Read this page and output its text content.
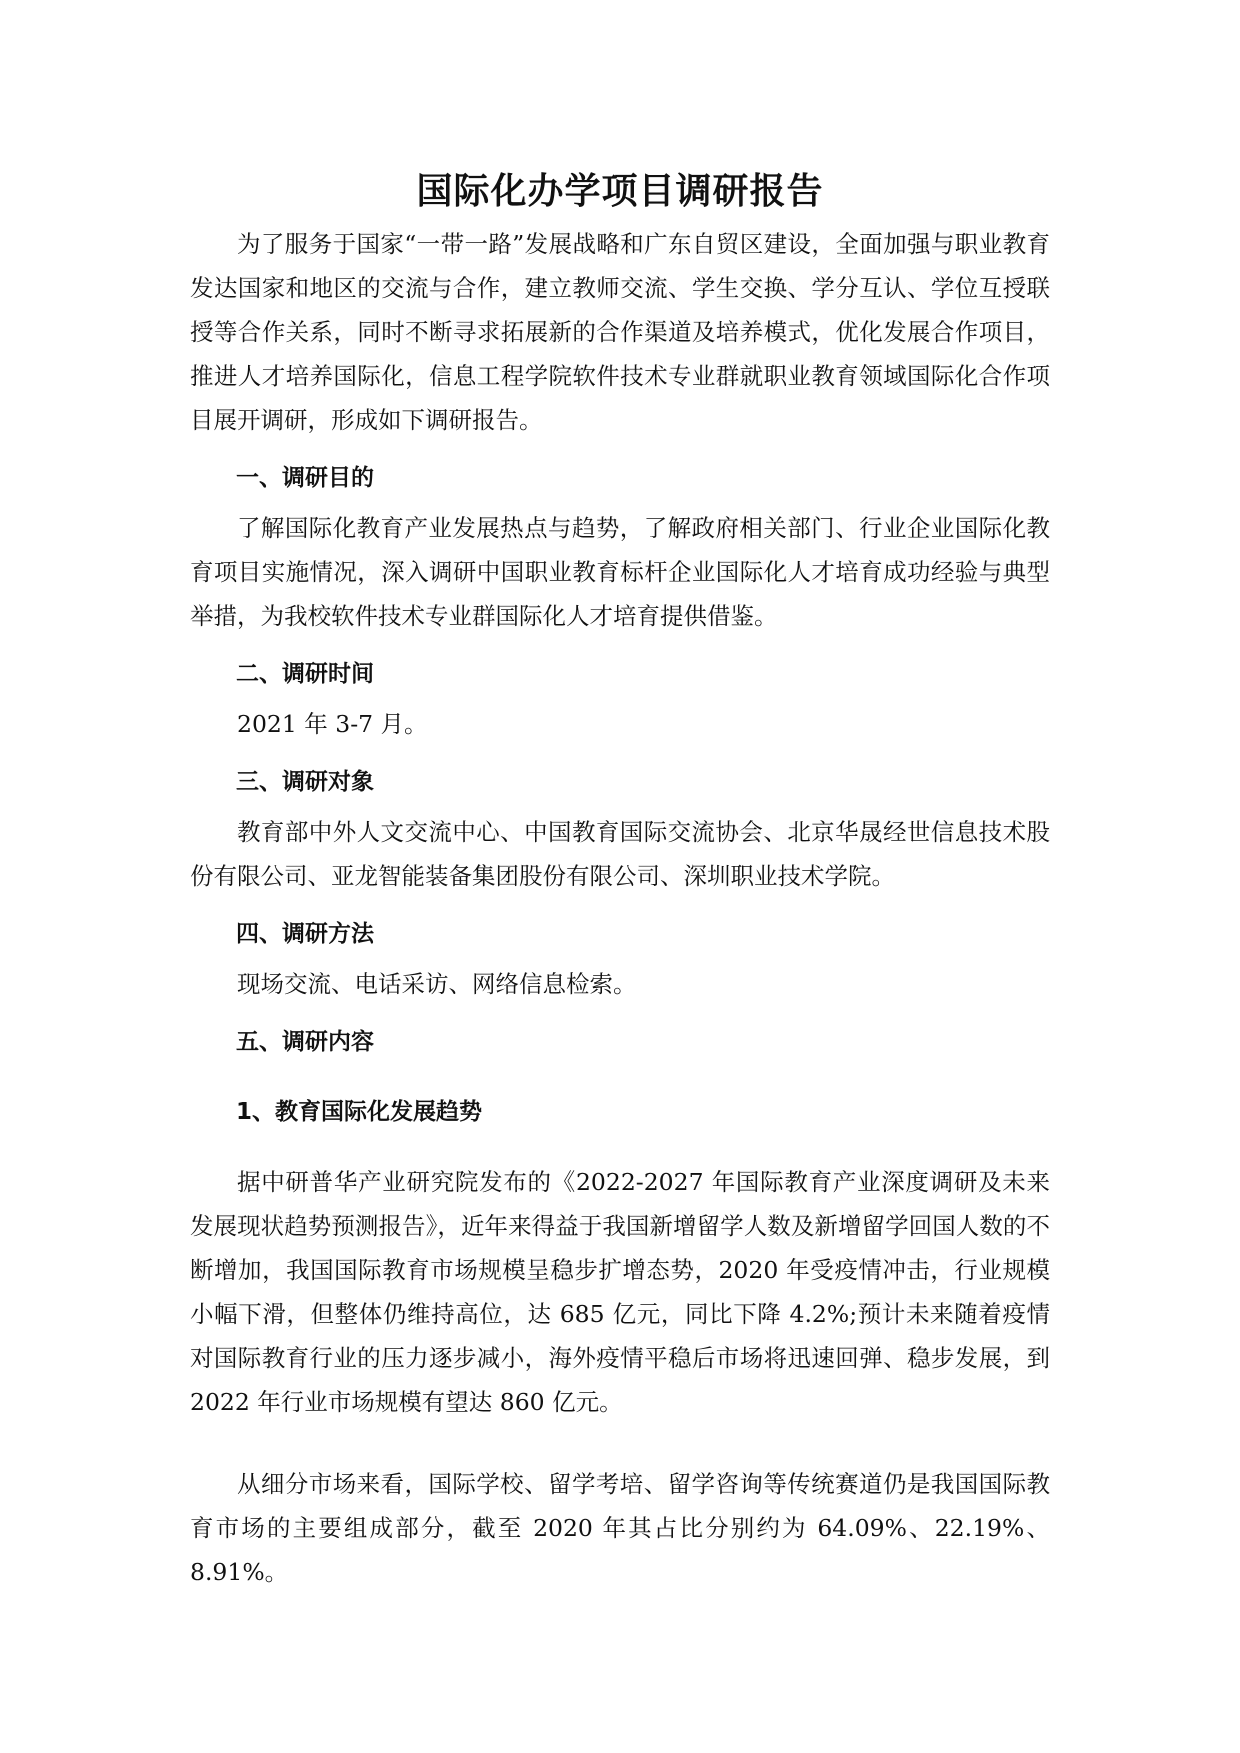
国际化办学项目调研报告

为了服务于国家“一带一路”发展战略和广东自贸区建设，全面加强与职业教育发达国家和地区的交流与合作，建立教师交流、学生交换、学分互认、学位互授联授等合作关系，同时不断寻求拓展新的合作渠道及培养模式，优化发展合作项目，推进人才培养国际化，信息工程学院软件技术专业群就职业教育领域国际化合作项目展开调研，形成如下调研报告。

一、调研目的

了解国际化教育产业发展热点与趋势，了解政府相关部门、行业企业国际化教育项目实施情况，深入调研中国职业教育标杆企业国际化人才培育成功经验与典型举措，为我校软件技术专业群国际化人才培育提供借鉴。

二、调研时间

2021 年 3-7 月。

三、调研对象

教育部中外人文交流中心、中国教育国际交流协会、北京华晟经世信息技术股份有限公司、亚龙智能装备集团股份有限公司、深圳职业技术学院。

四、调研方法

现场交流、电话采访、网络信息检索。

五、调研内容
1、教育国际化发展趋势

据中研普华产业研究院发布的《2022-2027 年国际教育产业深度调研及未来发展现状趋势预测报告》，近年来得益于我国新增留学人数及新增留学回国人数的不断增加，我国国际教育市场规模呈稳步扩增态势，2020 年受疫情冲击，行业规模小幅下滑，但整体仍维持高位，达 685 亿元，同比下降 4.2%;预计未来随着疫情对国际教育行业的压力逐步减小，海外疫情平稳后市场将迅速回弹、稳步发展，到 2022 年行业市场规模有望达 860 亿元。

从细分市场来看，国际学校、留学考培、留学咨询等传统赛道仍是我国国际教育市场的主要组成部分，截至 2020 年其占比分别约为 64.09%、22.19%、8.91%。
